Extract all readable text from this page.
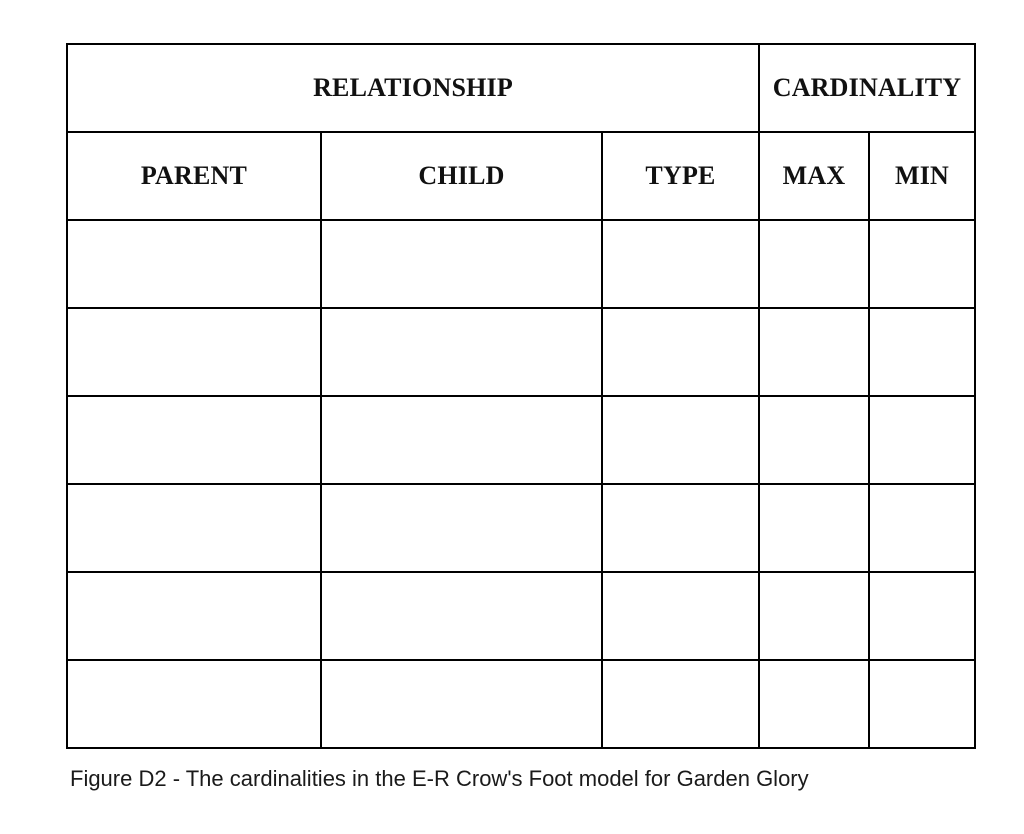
RELATIONSHIP			CARDINALITY	
PARENT	CHILD	TYPE	MAX	MIN

Figure D2 - The cardinalities in the E-R Crow's Foot model for Garden Glory
